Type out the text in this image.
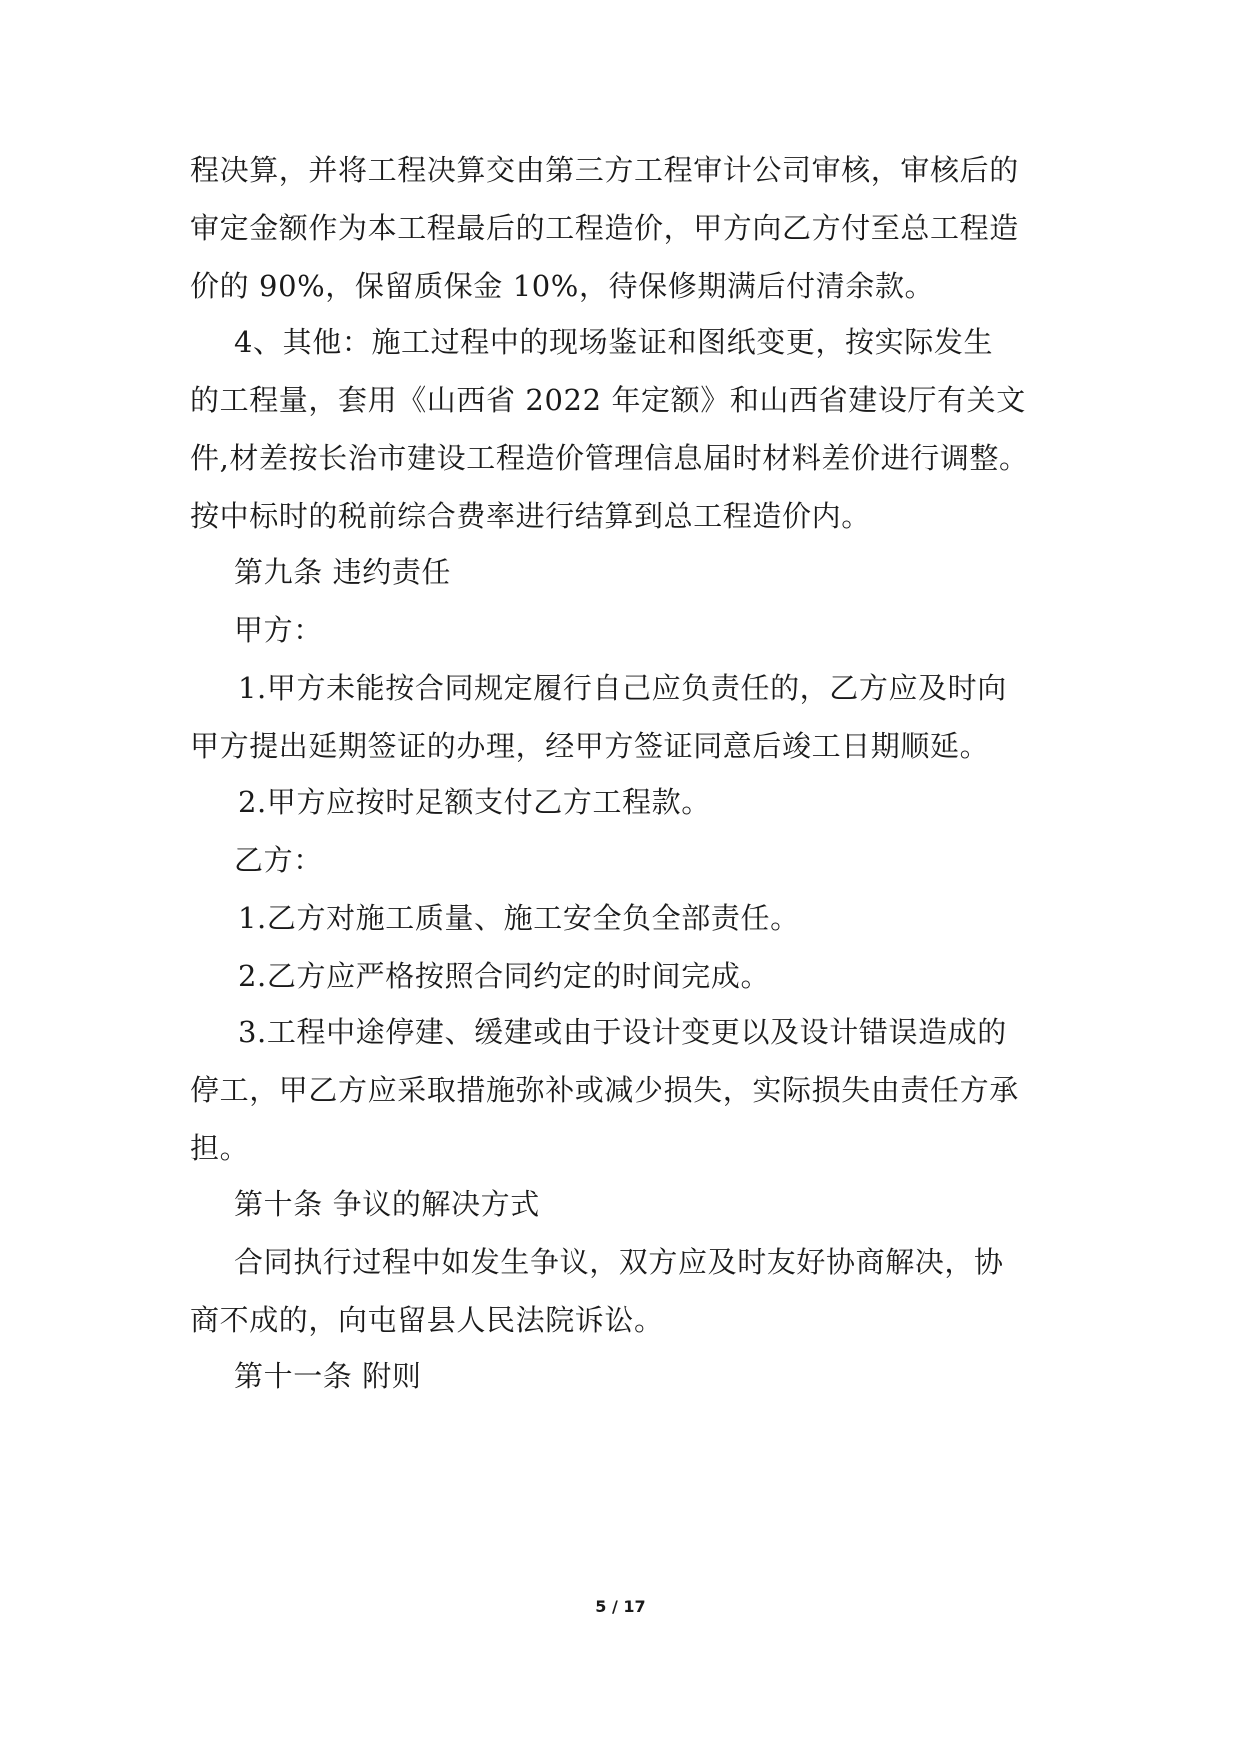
程决算，并将工程决算交由第三方工程审计公司审核，审核后的
审定金额作为本工程最后的工程造价，甲方向乙方付至总工程造
价的 90%，保留质保金 10%，待保修期满后付清余款。
4、其他：施工过程中的现场鉴证和图纸变更，按实际发生
的工程量，套用《山西省 2022 年定额》和山西省建设厅有关文
件,材差按长治市建设工程造价管理信息届时材料差价进行调整。
按中标时的税前综合费率进行结算到总工程造价内。
第九条 违约责任
甲方：
1.甲方未能按合同规定履行自己应负责任的，乙方应及时向
甲方提出延期签证的办理，经甲方签证同意后竣工日期顺延。
2.甲方应按时足额支付乙方工程款。
乙方：
1.乙方对施工质量、施工安全负全部责任。
2.乙方应严格按照合同约定的时间完成。
3.工程中途停建、缓建或由于设计变更以及设计错误造成的
停工，甲乙方应采取措施弥补或减少损失，实际损失由责任方承
担。
第十条 争议的解决方式
合同执行过程中如发生争议，双方应及时友好协商解决，协
商不成的，向屯留县人民法院诉讼。
第十一条 附则
5 / 17
